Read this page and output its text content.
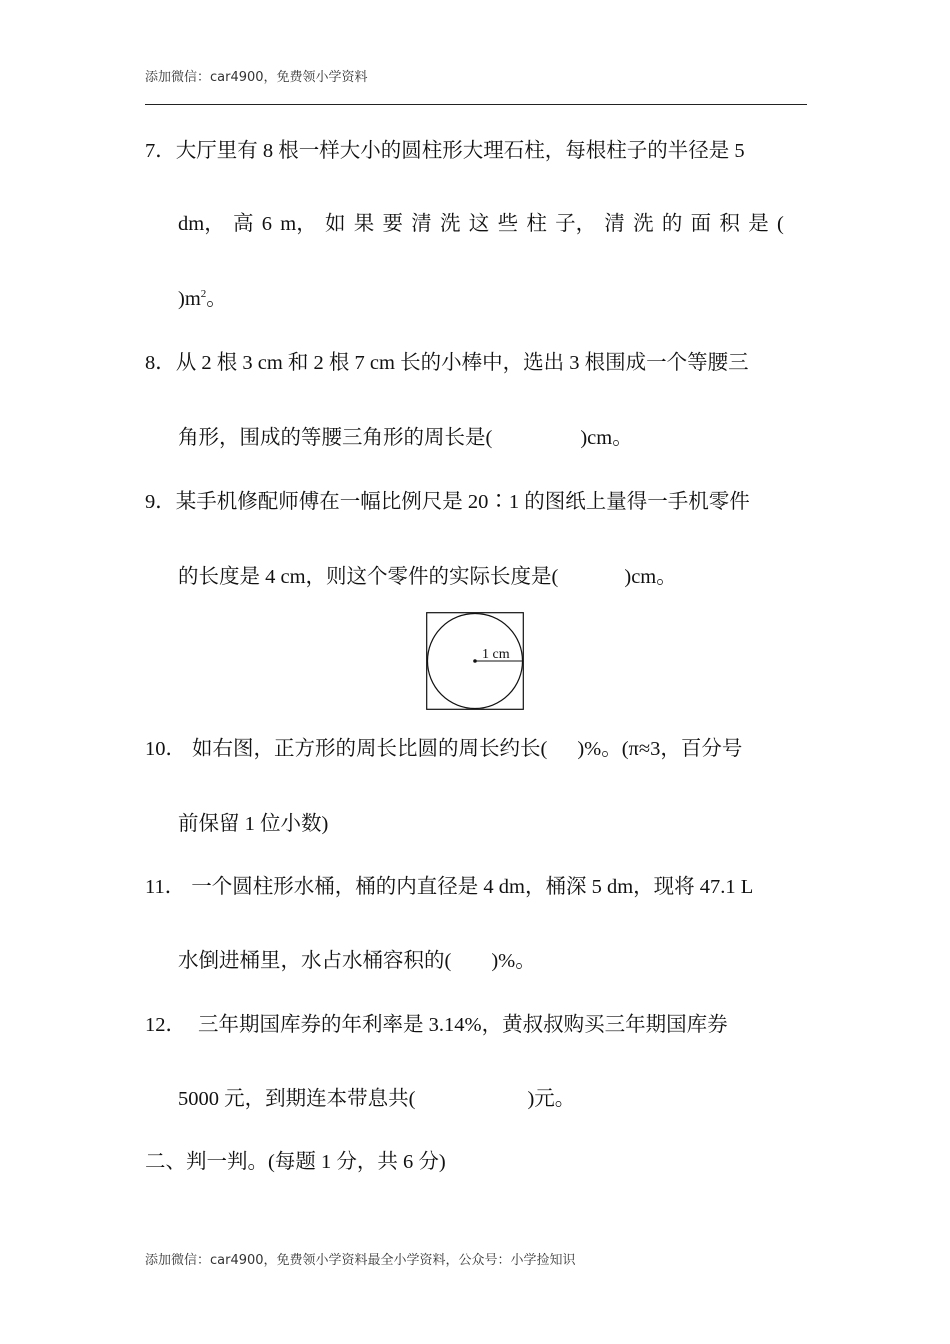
添加微信：car4900，免费领小学资料
7．大厅里有 8 根一样大小的圆柱形大理石柱，每根柱子的半径是 5
dm， 高 6 m， 如 果 要 清 洗 这 些 柱 子， 清 洗 的 面 积 是 (
)$m^2$。
8．从 2 根 3 cm 和 2 根 7 cm 长的小棒中，选出 3 根围成一个等腰三
角形，围成的等腰三角形的周长是(	)cm。
9．某手机修配师傅在一幅比例尺是 20∶1 的图纸上量得一手机零件
的长度是 4 cm，则这个零件的实际长度是(	)cm。
1 cm
10． 如右图，正方形的周长比圆的周长约长( )%。(π≈3，百分号
前保留 1 位小数)
11． 一个圆柱形水桶，桶的内直径是 4 dm，桶深 5 dm，现将 47.1 L
水倒进桶里，水占水桶容积的( )%。
12． 三年期国库券的年利率是 3.14%，黄叔叔购买三年期国库券
5000 元，到期连本带息共(	)元。
二、判一判。(每题 1 分，共 6 分)
添加微信：car4900，免费领小学资料最全小学资料，公众号：小学捡知识
